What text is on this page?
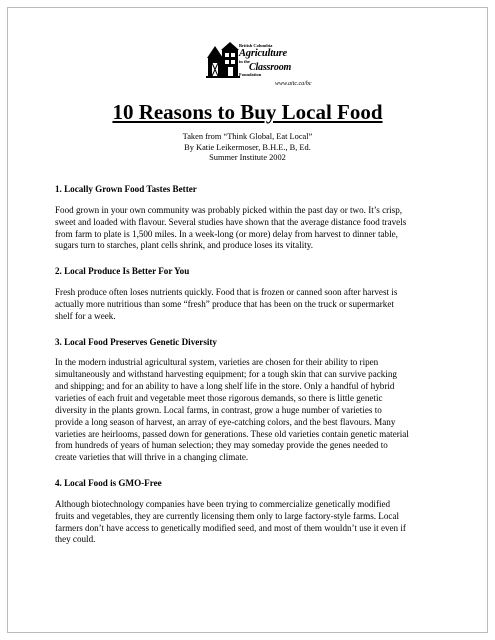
British Columbia
Agriculture
in the
Classroom
Foundation
www.aitc.ca/bc
10 Reasons to Buy Local Food
Taken from “Think Global, Eat Local”
By Katie Leikermoser, B.H.E., B, Ed.
Summer Institute 2002
1. Locally Grown Food Tastes Better

Food grown in your own community was probably picked within the past day or two. It’s crisp,
sweet and loaded with flavour. Several studies have shown that the average distance food travels
from farm to plate is 1,500 miles. In a week-long (or more) delay from harvest to dinner table,
sugars turn to starches, plant cells shrink, and produce loses its vitality.

2. Local Produce Is Better For You

Fresh produce often loses nutrients quickly. Food that is frozen or canned soon after harvest is
actually more nutritious than some “fresh” produce that has been on the truck or supermarket
shelf for a week.

3. Local Food Preserves Genetic Diversity

In the modern industrial agricultural system, varieties are chosen for their ability to ripen
simultaneously and withstand harvesting equipment; for a tough skin that can survive packing
and shipping; and for an ability to have a long shelf life in the store. Only a handful of hybrid
varieties of each fruit and vegetable meet those rigorous demands, so there is little genetic
diversity in the plants grown. Local farms, in contrast, grow a huge number of varieties to
provide a long season of harvest, an array of eye-catching colors, and the best flavours. Many
varieties are heirlooms, passed down for generations. These old varieties contain genetic material
from hundreds of years of human selection; they may someday provide the genes needed to
create varieties that will thrive in a changing climate.

4. Local Food is GMO-Free

Although biotechnology companies have been trying to commercialize genetically modified
fruits and vegetables, they are currently licensing them only to large factory-style farms. Local
farmers don’t have access to genetically modified seed, and most of them wouldn’t use it even if
they could.
